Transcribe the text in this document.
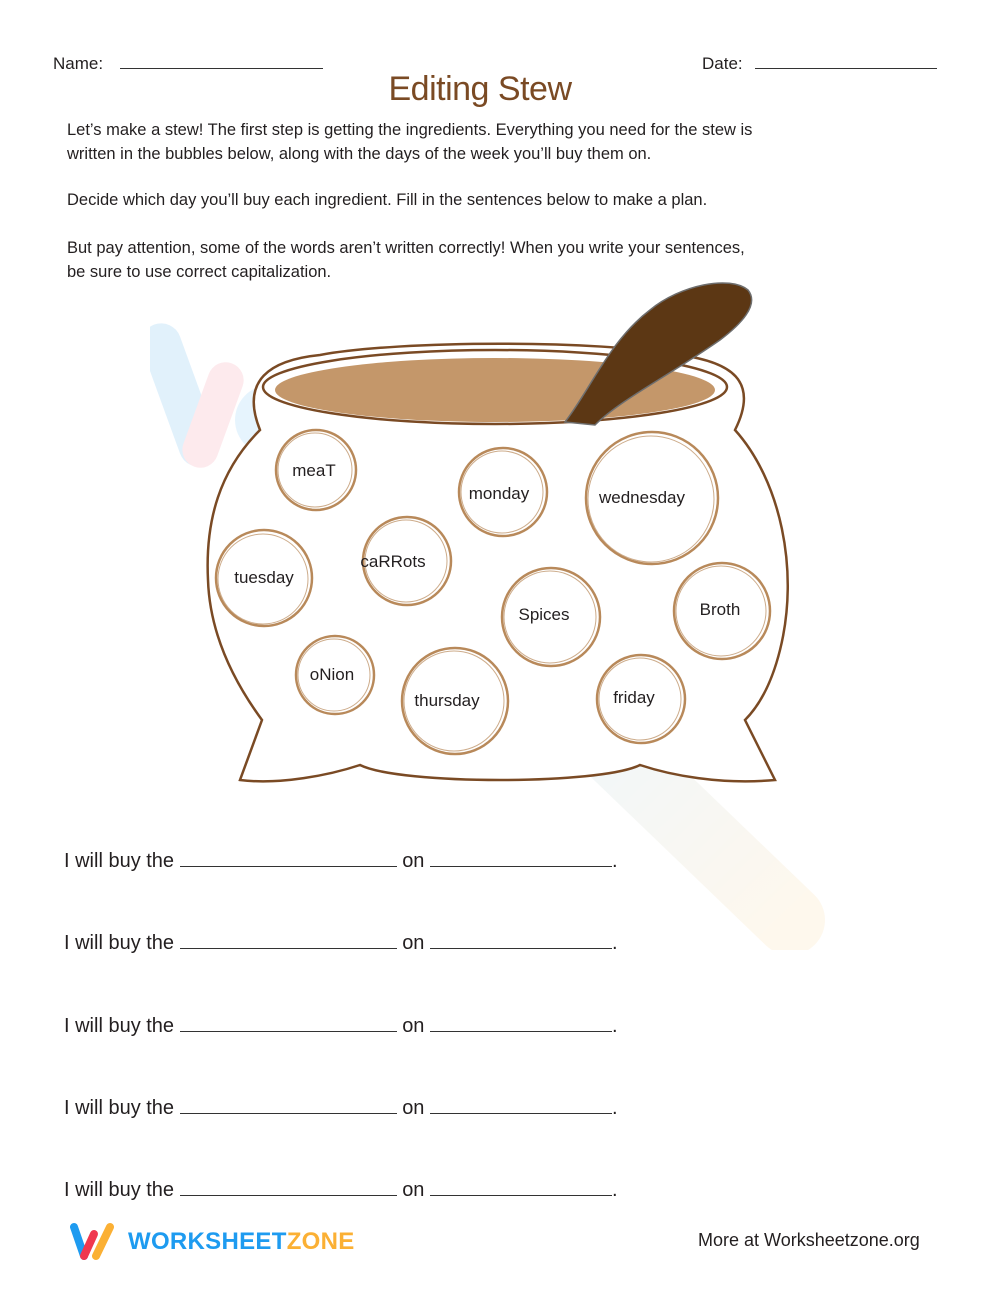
Name:	Date:
Editing Stew
Let’s make a stew! The first step is getting the ingredients. Everything you need for the stew is written in the bubbles below, along with the days of the week you’ll buy them on.
Decide which day you’ll buy each ingredient. Fill in the sentences below to make a plan.
But pay attention, some of the words aren’t written correctly! When you write your sentences, be sure to use correct capitalization.
meaT
monday	wednesday
tuesday
caRRots
Spices	Broth
oNion
thursday	friday
I will buy the	on	.
I will buy the	on	.
I will buy the	on	.
I will buy the	on	.
I will buy the	on	.
WORKSHEETZONE	More at Worksheetzone.org
